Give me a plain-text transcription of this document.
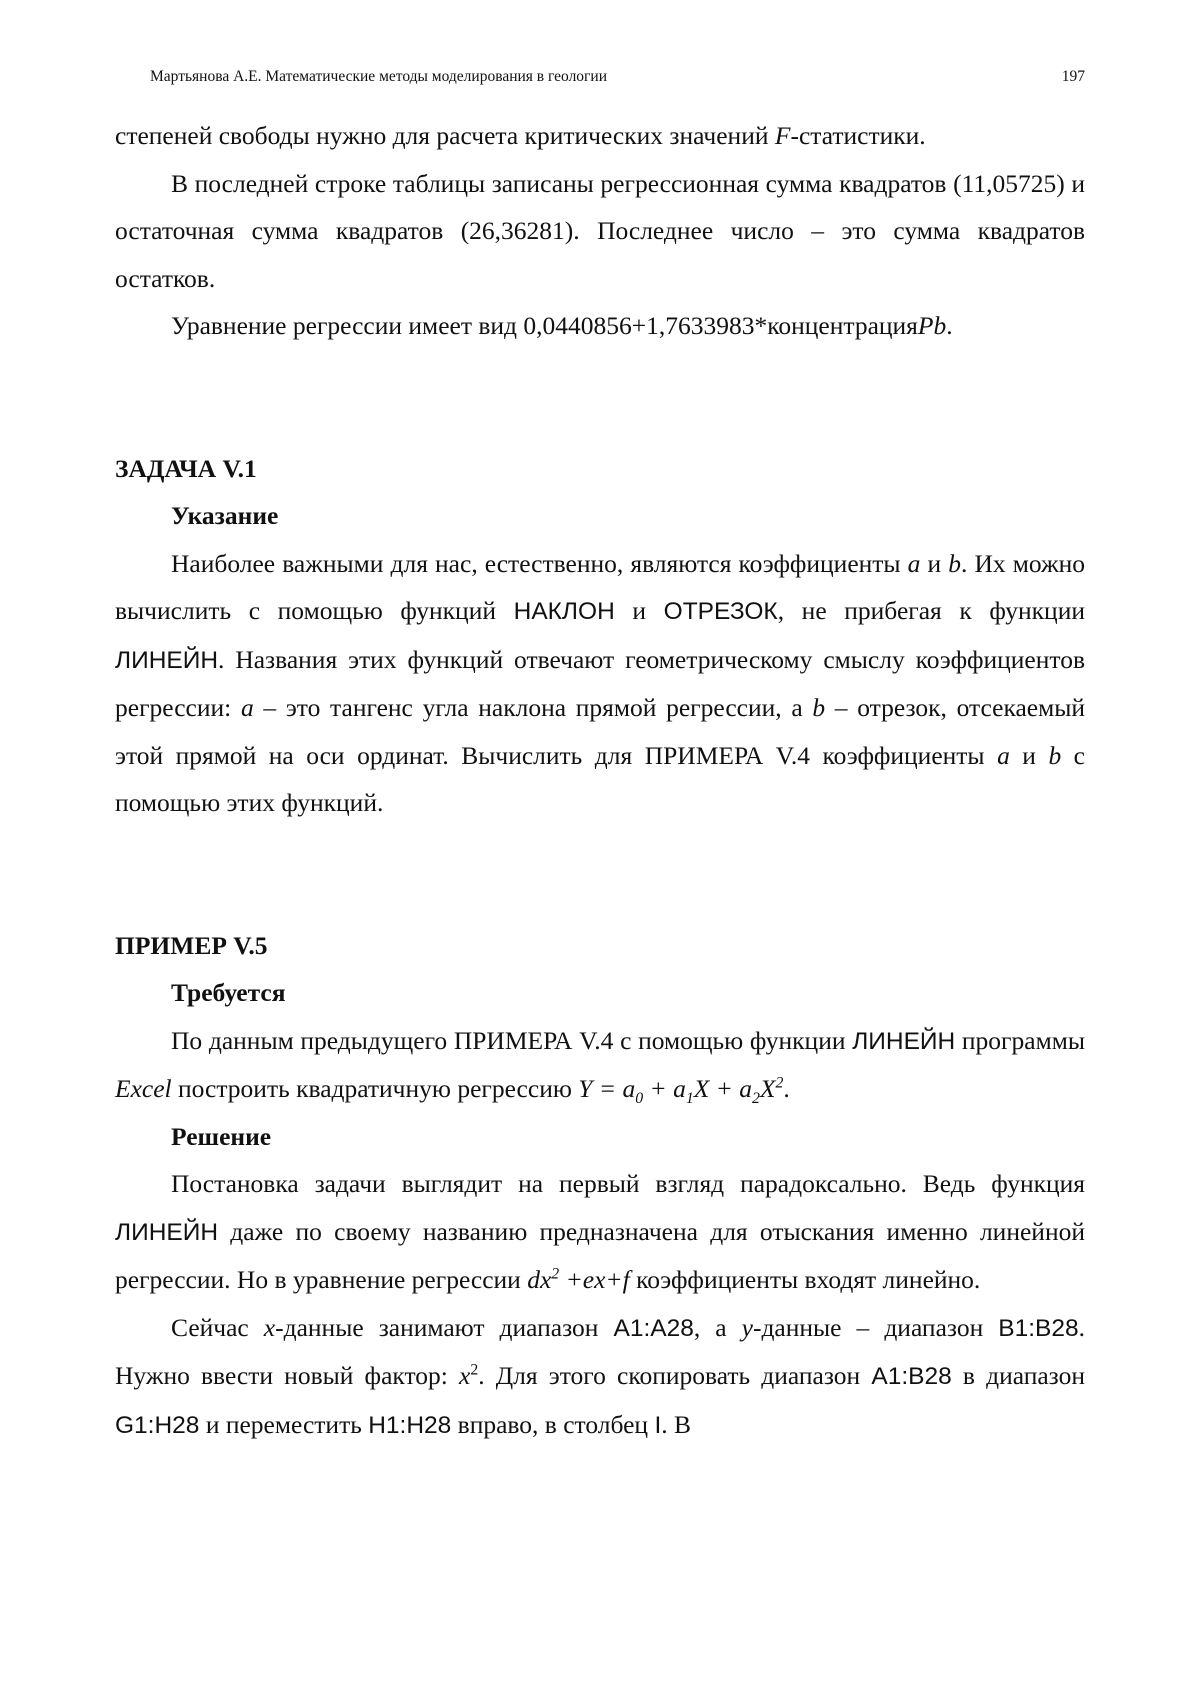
Мартьянова А.Е. Математические методы моделирования в геологии	197

степеней свободы нужно для расчета критических значений F-статистики.

В последней строке таблицы записаны регрессионная сумма квадратов (11,05725) и остаточная сумма квадратов (26,36281). Последнее число – это сумма квадратов остатков.

Уравнение регрессии имеет вид 0,0440856+1,7633983*концентрацияPb.

ЗАДАЧА V.1

Указание

Наиболее важными для нас, естественно, являются коэффициенты a и b. Их можно вычислить с помощью функций НАКЛОН и ОТРЕЗОК, не прибегая к функции ЛИНЕЙН. Названия этих функций отвечают геометрическому смыслу коэффициентов регрессии: a – это тангенс угла наклона прямой регрессии, а b – отрезок, отсекаемый этой прямой на оси ординат. Вычислить для ПРИМЕРА V.4 коэффициенты a и b с помощью этих функций.

ПРИМЕР V.5

Требуется

По данным предыдущего ПРИМЕРА V.4 с помощью функции ЛИНЕЙН программы Excel построить квадратичную регрессию $Y = a_0 + a_1X + a_2X^2$.

Решение

Постановка задачи выглядит на первый взгляд парадоксально. Ведь функция ЛИНЕЙН даже по своему названию предназначена для отыскания именно линейной регрессии. Но в уравнение регрессии $dx^2 +ex+f$ коэффициенты входят линейно.

Сейчас x-данные занимают диапазон A1:A28, а y-данные – диапазон B1:B28. Нужно ввести новый фактор: $x^2$. Для этого скопировать диапазон A1:B28 в диапазон G1:H28 и переместить H1:H28 вправо, в столбец I. В
